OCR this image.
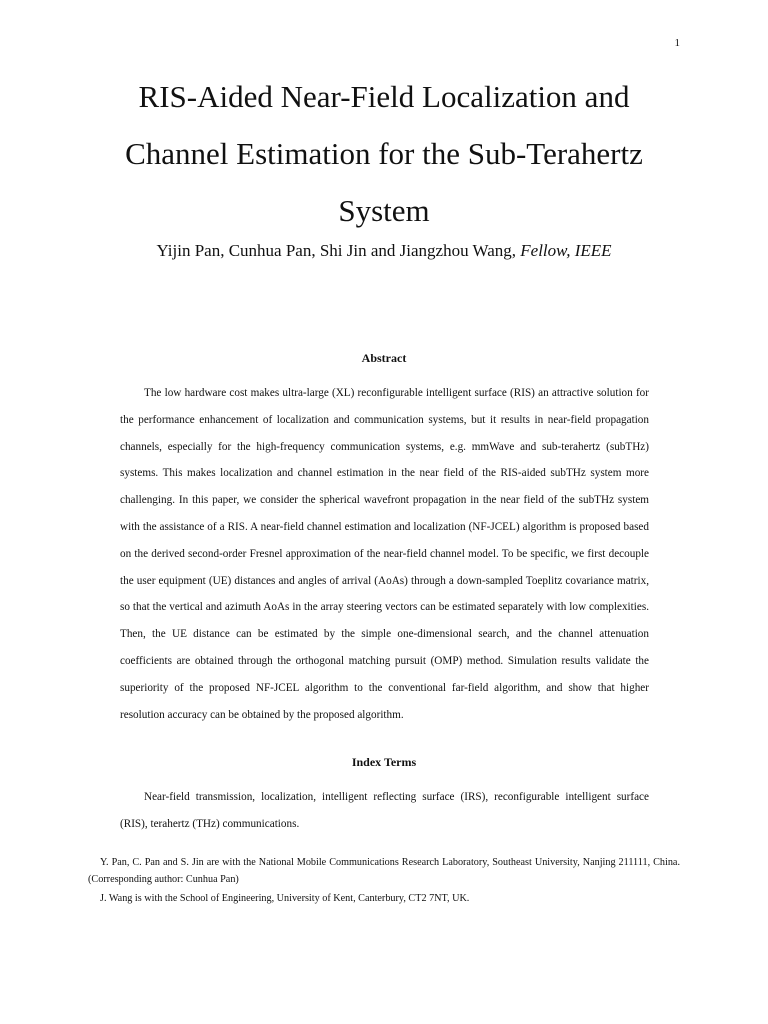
1
RIS-Aided Near-Field Localization and
Channel Estimation for the Sub-Terahertz
System
Yijin Pan, Cunhua Pan, Shi Jin and Jiangzhou Wang, Fellow, IEEE
Abstract

The low hardware cost makes ultra-large (XL) reconfigurable intelligent surface (RIS) an attractive solution for the performance enhancement of localization and communication systems, but it results in near-field propagation channels, especially for the high-frequency communication systems, e.g. mmWave and sub-terahertz (subTHz) systems. This makes localization and channel estimation in the near field of the RIS-aided subTHz system more challenging. In this paper, we consider the spherical wavefront propagation in the near field of the subTHz system with the assistance of a RIS. A near-field channel estimation and localization (NF-JCEL) algorithm is proposed based on the derived second-order Fresnel approximation of the near-field channel model. To be specific, we first decouple the user equipment (UE) distances and angles of arrival (AoAs) through a down-sampled Toeplitz covariance matrix, so that the vertical and azimuth AoAs in the array steering vectors can be estimated separately with low complexities. Then, the UE distance can be estimated by the simple one-dimensional search, and the channel attenuation coefficients are obtained through the orthogonal matching pursuit (OMP) method. Simulation results validate the superiority of the proposed NF-JCEL algorithm to the conventional far-field algorithm, and show that higher resolution accuracy can be obtained by the proposed algorithm.

Index Terms

Near-field transmission, localization, intelligent reflecting surface (IRS), reconfigurable intelligent surface (RIS), terahertz (THz) communications.

Y. Pan, C. Pan and S. Jin are with the National Mobile Communications Research Laboratory, Southeast University, Nanjing 211111, China. (Corresponding author: Cunhua Pan)

J. Wang is with the School of Engineering, University of Kent, Canterbury, CT2 7NT, UK.
